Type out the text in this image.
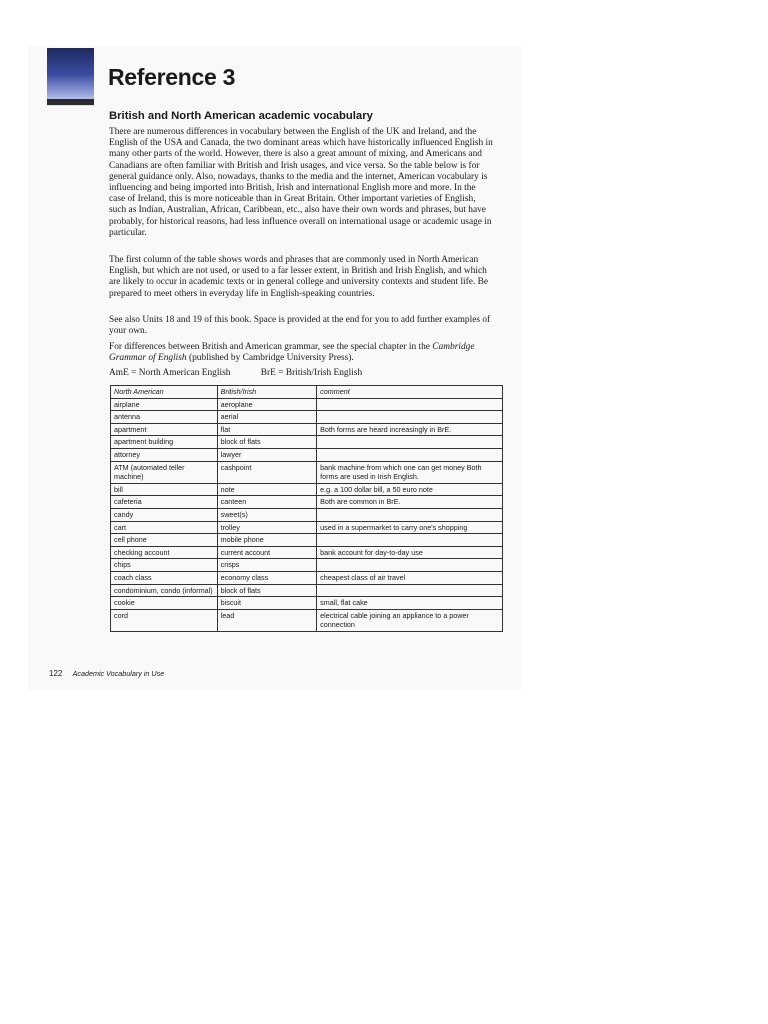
Reference 3
British and North American academic vocabulary

There are numerous differences in vocabulary between the English of the UK and Ireland, and the English of the USA and Canada, the two dominant areas which have historically influenced English in many other parts of the world. However, there is also a great amount of mixing, and Americans and Canadians are often familiar with British and Irish usages, and vice versa. So the table below is for general guidance only. Also, nowadays, thanks to the media and the internet, American vocabulary is influencing and being imported into British, Irish and international English more and more. In the case of Ireland, this is more noticeable than in Great Britain. Other important varieties of English, such as Indian, Australian, African, Caribbean, etc., also have their own words and phrases, but have probably, for historical reasons, had less influence overall on international usage or academic usage in particular.

The first column of the table shows words and phrases that are commonly used in North American English, but which are not used, or used to a far lesser extent, in British and Irish English, and which are likely to occur in academic texts or in general college and university contexts and student life. Be prepared to meet others in everyday life in English-speaking countries.

See also Units 18 and 19 of this book. Space is provided at the end for you to add further examples of your own.

For differences between British and American grammar, see the special chapter in the Cambridge Grammar of English (published by Cambridge University Press).

AmE = North American English	BrE = British/Irish English
North American	British/Irish	comment
airplane	aeroplane	
antenna	aerial	
apartment	flat	Both forms are heard increasingly in BrE.
apartment building	block of flats	
attorney	lawyer	
ATM (automated teller machine)	cashpoint	bank machine from which one can get money Both forms are used in Irish English.
bill	note	e.g. a 100 dollar bill, a 50 euro note
cafeteria	canteen	Both are common in BrE.
candy	sweet(s)	
cart	trolley	used in a supermarket to carry one's shopping
cell phone	mobile phone	
checking account	current account	bank account for day-to-day use
chips	crisps	
coach class	economy class	cheapest class of air travel
condominium, condo (informal)	block of flats	
cookie	biscuit	small, flat cake
cord	lead	electrical cable joining an appliance to a power connection
122 Academic Vocabulary in Use
